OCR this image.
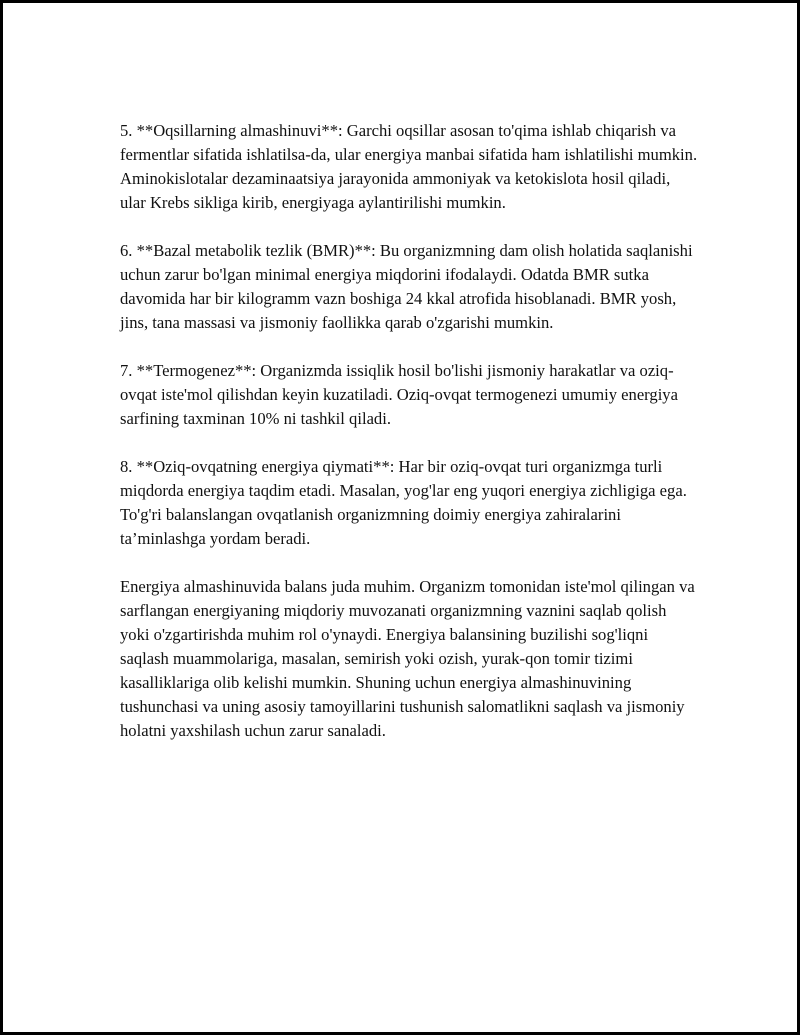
5. **Oqsillarning almashinuvi**: Garchi oqsillar asosan to'qima ishlab chiqarish va fermentlar sifatida ishlatilsa-da, ular energiya manbai sifatida ham ishlatilishi mumkin. Aminokislotalar dezaminaatsiya jarayonida ammoniyak va ketokislota hosil qiladi, ular Krebs sikliga kirib, energiyaga aylantirilishi mumkin.

6. **Bazal metabolik tezlik (BMR)**: Bu organizmning dam olish holatida saqlanishi uchun zarur bo'lgan minimal energiya miqdorini ifodalaydi. Odatda BMR sutka davomida har bir kilogramm vazn boshiga 24 kkal atrofida hisoblanadi. BMR yosh, jins, tana massasi va jismoniy faollikka qarab o'zgarishi mumkin.

7. **Termogenez**: Organizmda issiqlik hosil bo'lishi jismoniy harakatlar va oziq-ovqat iste'mol qilishdan keyin kuzatiladi. Oziq-ovqat termogenezi umumiy energiya sarfining taxminan 10% ni tashkil qiladi.

8. **Oziq-ovqatning energiya qiymati**: Har bir oziq-ovqat turi organizmga turli miqdorda energiya taqdim etadi. Masalan, yog'lar eng yuqori energiya zichligiga ega. To'g'ri balanslangan ovqatlanish organizmning doimiy energiya zahiralarini ta’minlashga yordam beradi.

Energiya almashinuvida balans juda muhim. Organizm tomonidan iste'mol qilingan va sarflangan energiyaning miqdoriy muvozanati organizmning vaznini saqlab qolish yoki o'zgartirishda muhim rol o'ynaydi. Energiya balansining buzilishi sog'liqni saqlash muammolariga, masalan, semirish yoki ozish, yurak-qon tomir tizimi kasalliklariga olib kelishi mumkin. Shuning uchun energiya almashinuvining tushunchasi va uning asosiy tamoyillarini tushunish salomatlikni saqlash va jismoniy holatni yaxshilash uchun zarur sanaladi.
